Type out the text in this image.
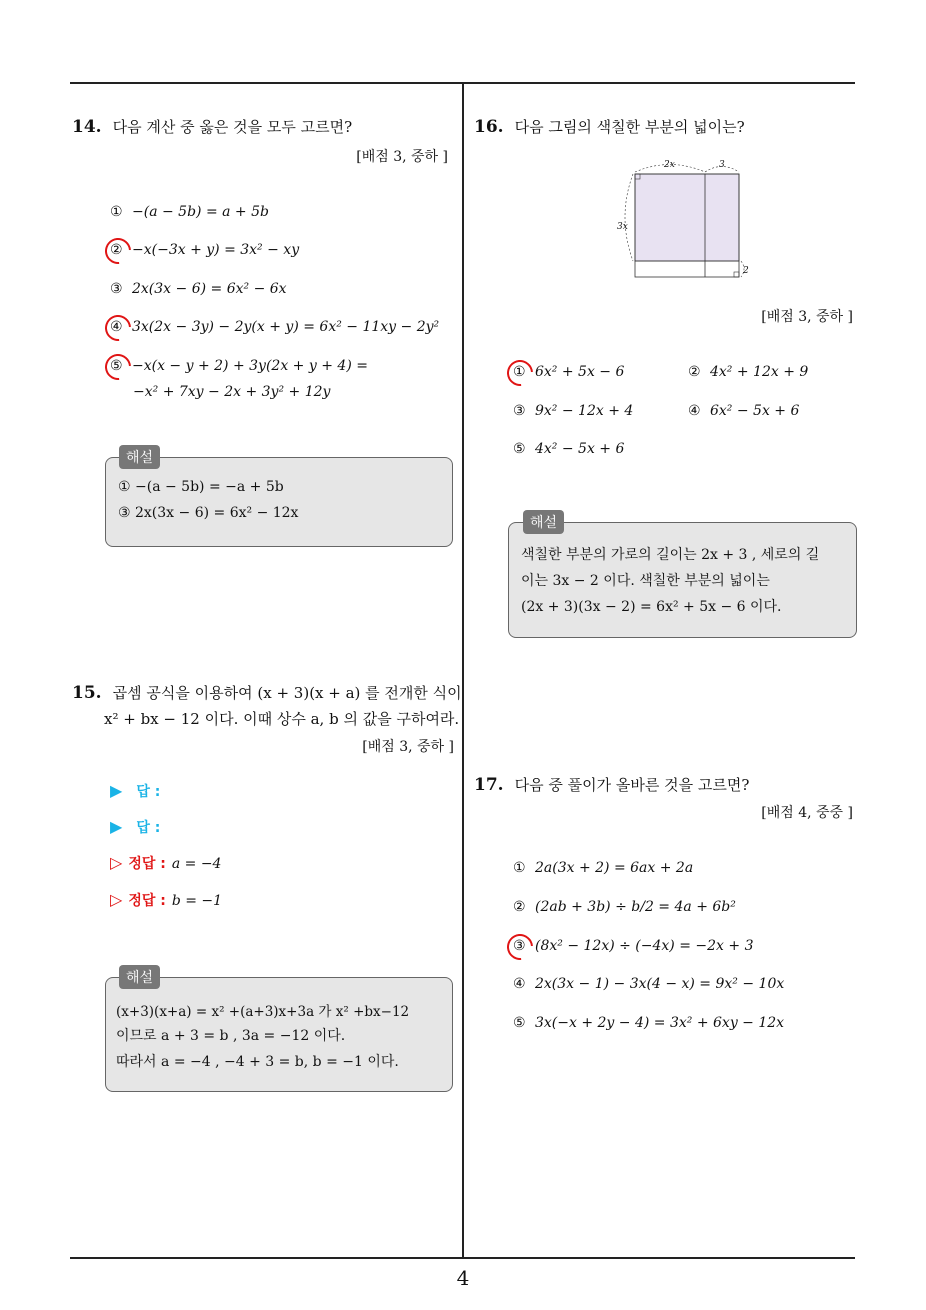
14. 다음 계산 중 옳은 것을 모두 고르면?
[배점 3, 중하 ]
① −(a − 5b) = a + 5b
② −x(−3x + y) = 3x² − xy
③ 2x(3x − 6) = 6x² − 6x
④ 3x(2x − 3y) − 2y(x + y) = 6x² − 11xy − 2y²
⑤ −x(x − y + 2) + 3y(2x + y + 4) =
−x² + 7xy − 2x + 3y² + 12y
해설
① −(a − 5b) = −a + 5b
③ 2x(3x − 6) = 6x² − 12x
15. 곱셈 공식을 이용하여 (x + 3)(x + a) 를 전개한 식이
x² + bx − 12 이다. 이때 상수 a, b 의 값을 구하여라.
[배점 3, 중하 ]
▶ 답 :
▶ 답 :
▷ 정답 : a = −4
▷ 정답 : b = −1
해설
(x+3)(x+a) = x² +(a+3)x+3a 가 x² +bx−12
이므로 a + 3 = b , 3a = −12 이다.
따라서 a = −4 , −4 + 3 = b, b = −1 이다.
16. 다음 그림의 색칠한 부분의 넓이는?
2x	3
3x
2
[배점 3, 중하 ]
① 6x² + 5x − 6	② 4x² + 12x + 9
③ 9x² − 12x + 4	④ 6x² − 5x + 6
⑤ 4x² − 5x + 6
해설
색칠한 부분의 가로의 길이는 2x + 3 , 세로의 길
이는 3x − 2 이다. 색칠한 부분의 넓이는
(2x + 3)(3x − 2) = 6x² + 5x − 6 이다.
17. 다음 중 풀이가 올바른 것을 고르면?
[배점 4, 중중 ]
① 2a(3x + 2) = 6ax + 2a
② (2ab + 3b) ÷ b/2 = 4a + 6b²
③ (8x² − 12x) ÷ (−4x) = −2x + 3
④ 2x(3x − 1) − 3x(4 − x) = 9x² − 10x
⑤ 3x(−x + 2y − 4) = 3x² + 6xy − 12x
4
